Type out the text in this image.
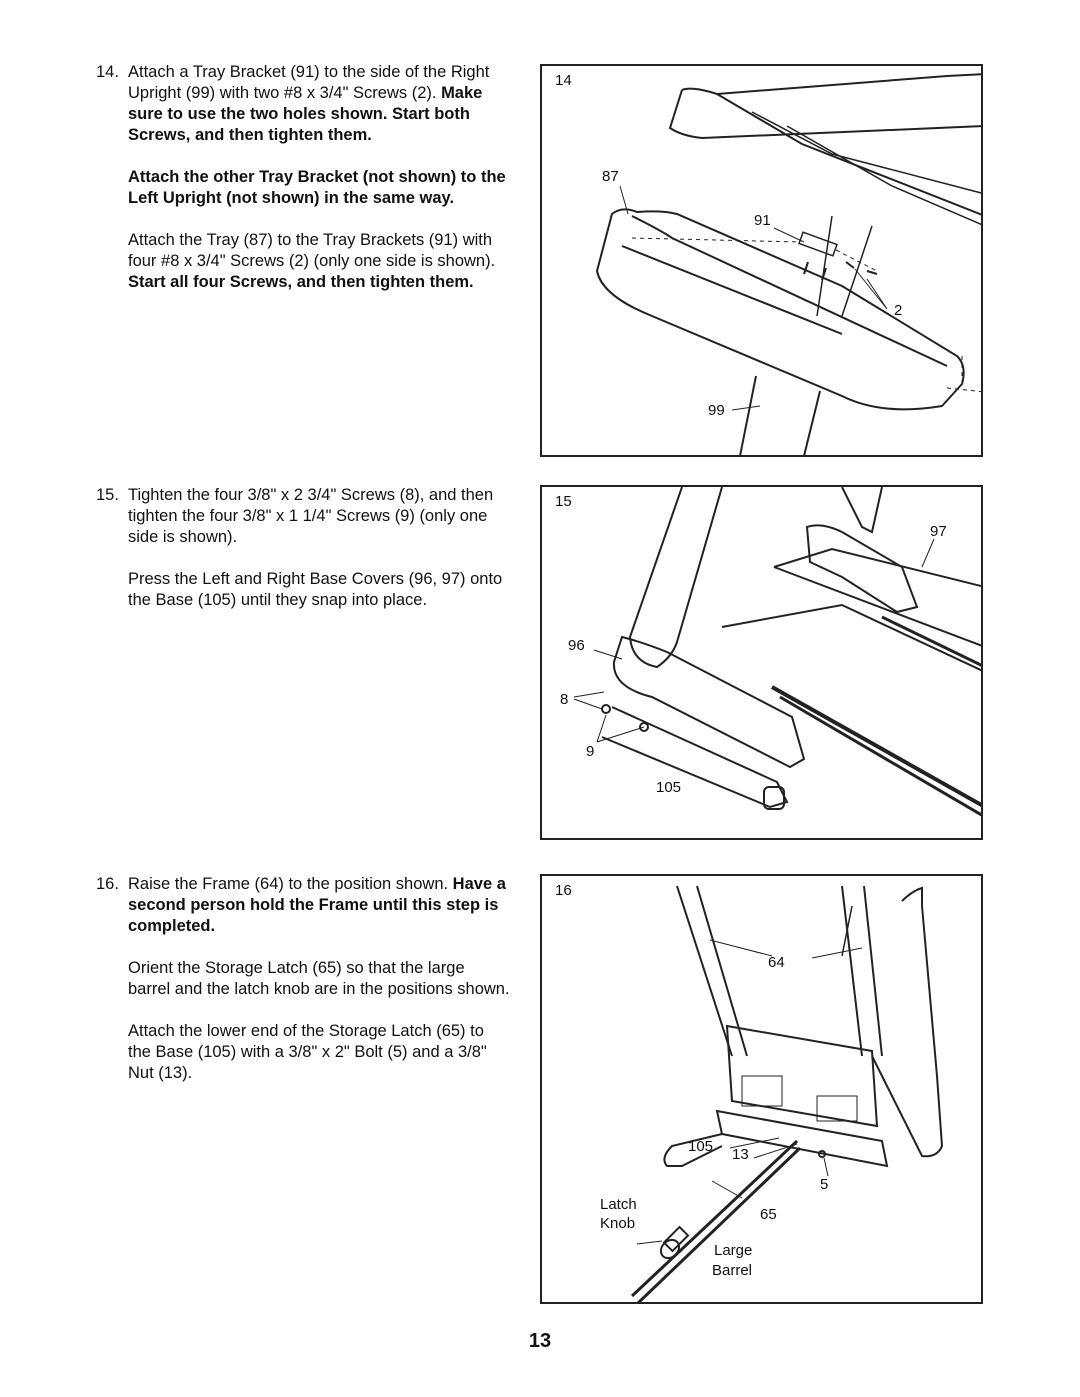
14. Attach a Tray Bracket (91) to the side of the Right Upright (99) with two #8 x 3/4" Screws (2). Make sure to use the two holes shown. Start both Screws, and then tighten them.

Attach the other Tray Bracket (not shown) to the Left Upright (not shown) in the same way.

Attach the Tray (87) to the Tray Brackets (91) with four #8 x 3/4" Screws (2) (only one side is shown). Start all four Screws, and then tighten them.

15. Tighten the four 3/8" x 2 3/4" Screws (8), and then tighten the four 3/8" x 1 1/4" Screws (9) (only one side is shown).

Press the Left and Right Base Covers (96, 97) onto the Base (105) until they snap into place.

16. Raise the Frame (64) to the position shown. Have a second person hold the Frame until this step is completed.

Orient the Storage Latch (65) so that the large barrel and the latch knob are in the positions shown.

Attach the lower end of the Storage Latch (65) to the Base (105) with a 3/8" x 2" Bolt (5) and a 3/8" Nut (13).

14
87
91
2
99
15
97
96
8
9
105
16
64
105 13
5
Latch
Knob
65
Large
Barrel
13
